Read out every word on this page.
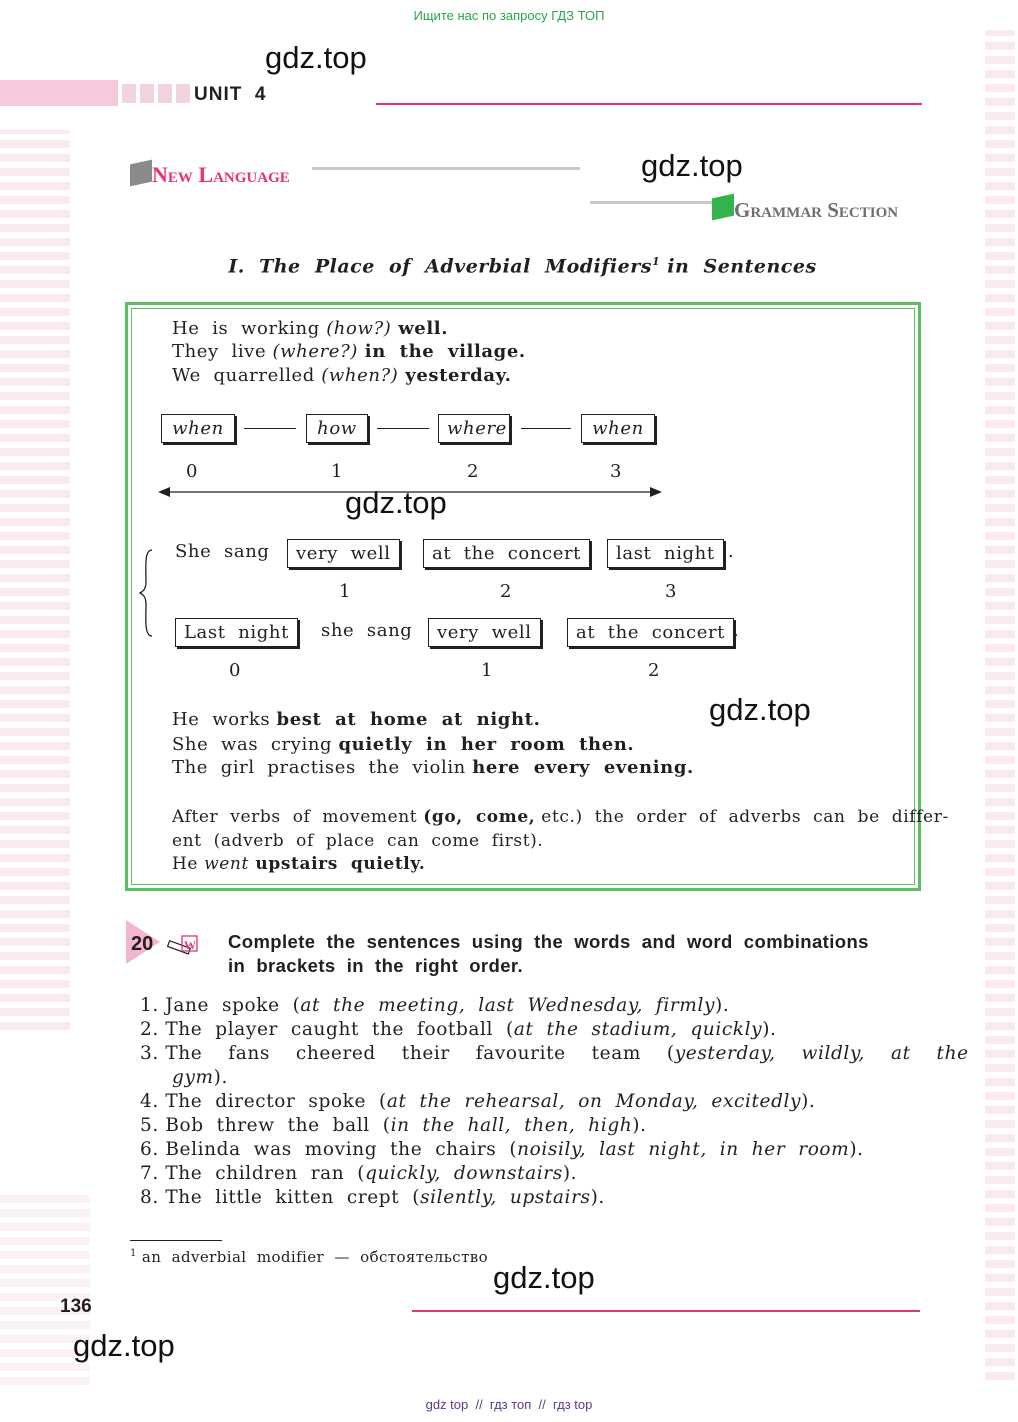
Ищите нас по запросу ГДЗ ТОП
UNIT  4
gdz.top
gdz.top
gdz.top
gdz.top
gdz.top
gdz.top
New Language
Grammar Section
I.  The  Place  of  Adverbial  Modifiers$^1$ in  Sentences
He  is  working (how?) well.
They  live (where?) in  the  village.
We  quarrelled (when?) yesterday.
when	how	where	when
0	1	2	3
She  sang	very  well	at  the  concert	last  night .
1	2	3
Last  night	she  sang	very  well	at  the  concert .
0	1	2
He  works best  at  home  at  night.
She  was  crying quietly  in  her  room  then.
The  girl  practises  the  violin here  every  evening.
After  verbs  of  movement (go,  come, etc.)  the  order  of  adverbs  can  be  differ-
ent  (adverb  of  place  can  come  first).
He went upstairs  quietly.
20	W Complete  the  sentences  using  the  words  and  word  combinations
in  brackets  in  the  right  order.
1. Jane  spoke  (at  the  meeting,  last  Wednesday,  firmly).
2. The  player  caught  the  football  (at  the  stadium,  quickly).
3. The    fans    cheered    their    favourite    team    (yesterday,    wildly,    at    the
gym).
4. The  director  spoke  (at  the  rehearsal,  on  Monday,  excitedly).
5. Bob  threw  the  ball  (in  the  hall,  then,  high).
6. Belinda  was  moving  the  chairs  (noisily,  last  night,  in  her  room).
7. The  children  ran  (quickly,  downstairs).
8. The  little  kitten  crept  (silently,  upstairs).
$^1$ an  adverbial  modifier  —  обстоятельство
136
gdz top  //  гдз топ  //  гдз top
